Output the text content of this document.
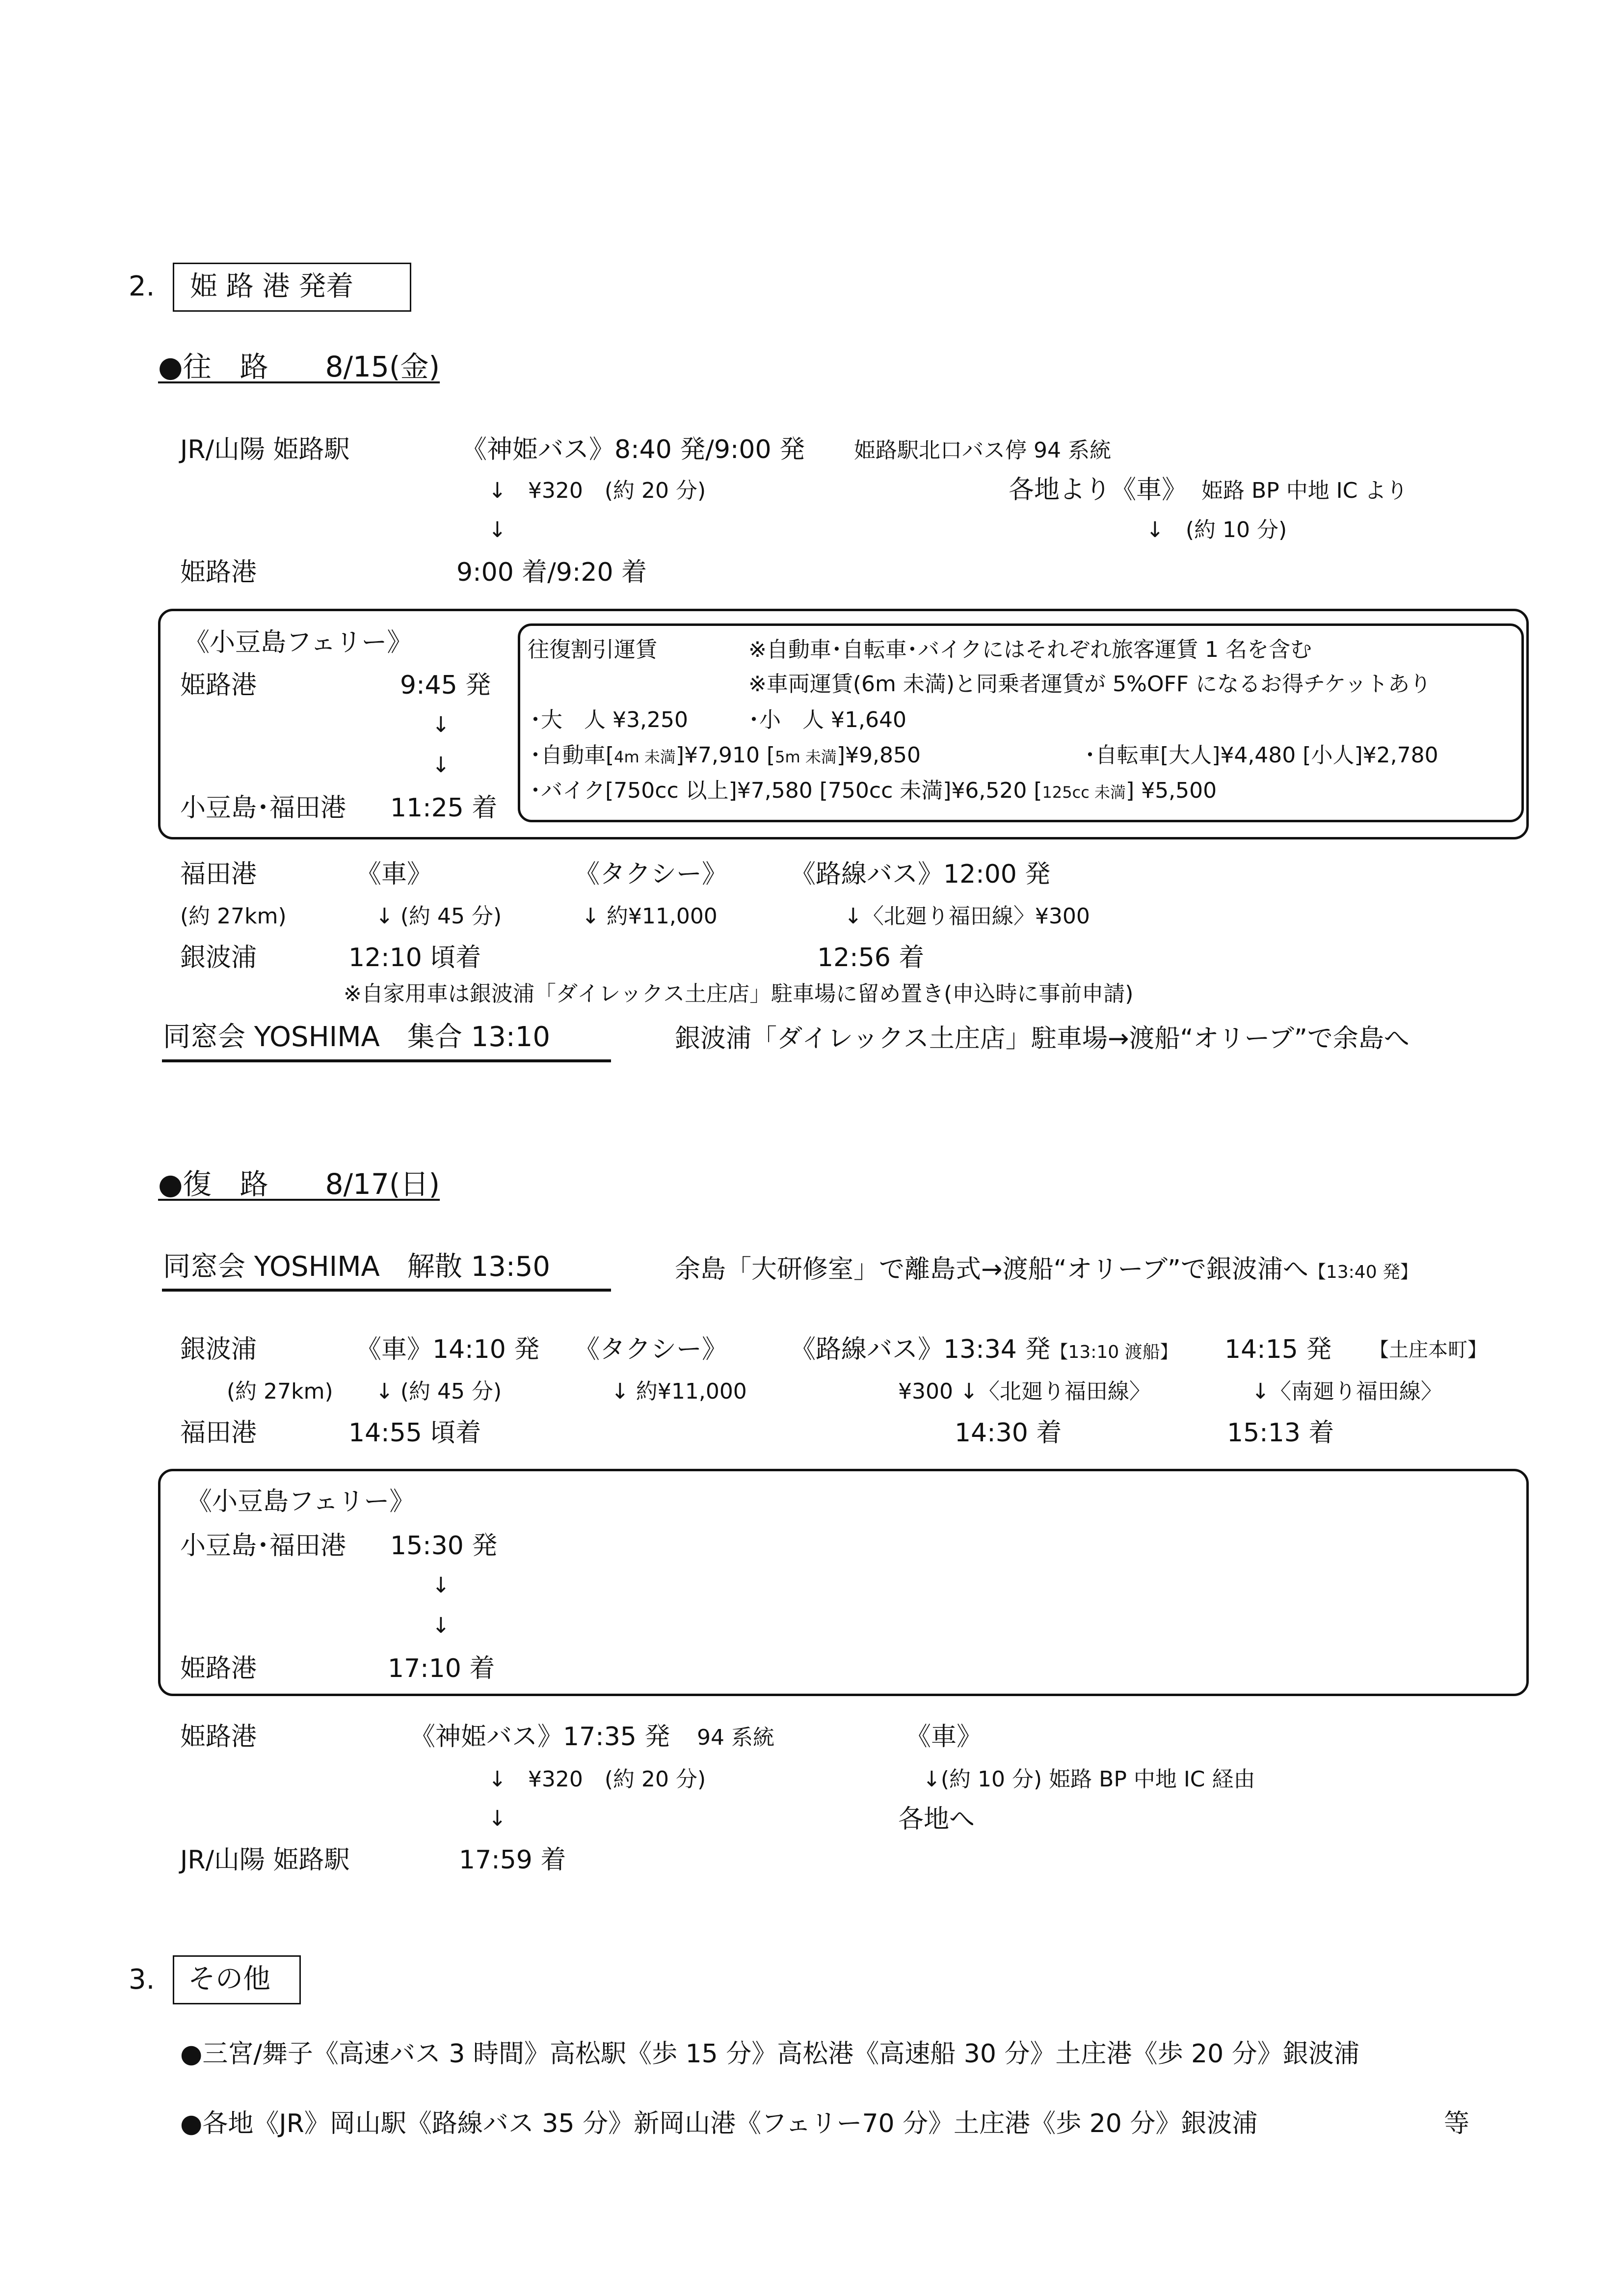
2. 姫 路 港 発着
●往　路　　8/15(金)
JR/山陽 姫路駅	《神姫バス》8:40 発/9:00 発 姫路駅北口バス停 94 系統
↓　¥320　(約 20 分)	各地より《車》 姫路 BP 中地 IC より
↓	↓　(約 10 分)
姫路港	9:00 着/9:20 着
《小豆島フェリー》
姫路港	9:45 発
↓
↓
小豆島･福田港 11:25 着
往復割引運賃	※自動車･自転車･バイクにはそれぞれ旅客運賃 1 名を含む
※車両運賃(6m 未満)と同乗者運賃が 5%OFF になるお得チケットあり
･大　人 ¥3,250	･小　人 ¥1,640
･自動車[4m 未満]¥7,910 [5m 未満]¥9,850	･自転車[大人]¥4,480 [小人]¥2,780
･バイク[750cc 以上]¥7,580 [750cc 未満]¥6,520 [125cc 未満] ¥5,500
福田港	《車》	《タクシー》 《路線バス》12:00 発
(約 27km)	↓ (約 45 分)	↓ 約¥11,000	↓〈北廻り福田線〉¥300
銀波浦	12:10 頃着	12:56 着
※自家用車は銀波浦「ダイレックス土庄店」駐車場に留め置き(申込時に事前申請)
同窓会 YOSHIMA　集合 13:10	銀波浦「ダイレックス土庄店」駐車場→渡船“オリーブ”で余島へ
●復　路　　8/17(日)
同窓会 YOSHIMA　解散 13:50	余島「大研修室」で離島式→渡船“オリーブ”で銀波浦へ【13:40 発】
銀波浦	《車》14:10 発 《タクシー》 《路線バス》13:34 発【13:10 渡船】 14:15 発 【土庄本町】
(約 27km) ↓ (約 45 分)	↓ 約¥11,000	¥300 ↓〈北廻り福田線〉	↓〈南廻り福田線〉
福田港	14:55 頃着	14:30 着	15:13 着
《小豆島フェリー》
小豆島･福田港 15:30 発
↓
↓
姫路港	17:10 着
姫路港	《神姫バス》17:35 発 94 系統	《車》
↓　¥320　(約 20 分)	↓(約 10 分) 姫路 BP 中地 IC 経由
↓	各地へ
JR/山陽 姫路駅	17:59 着
3. その他
●三宮/舞子《高速バス 3 時間》高松駅《歩 15 分》高松港《高速船 30 分》土庄港《歩 20 分》銀波浦
●各地《JR》岡山駅《路線バス 35 分》新岡山港《フェリー70 分》土庄港《歩 20 分》銀波浦	等
